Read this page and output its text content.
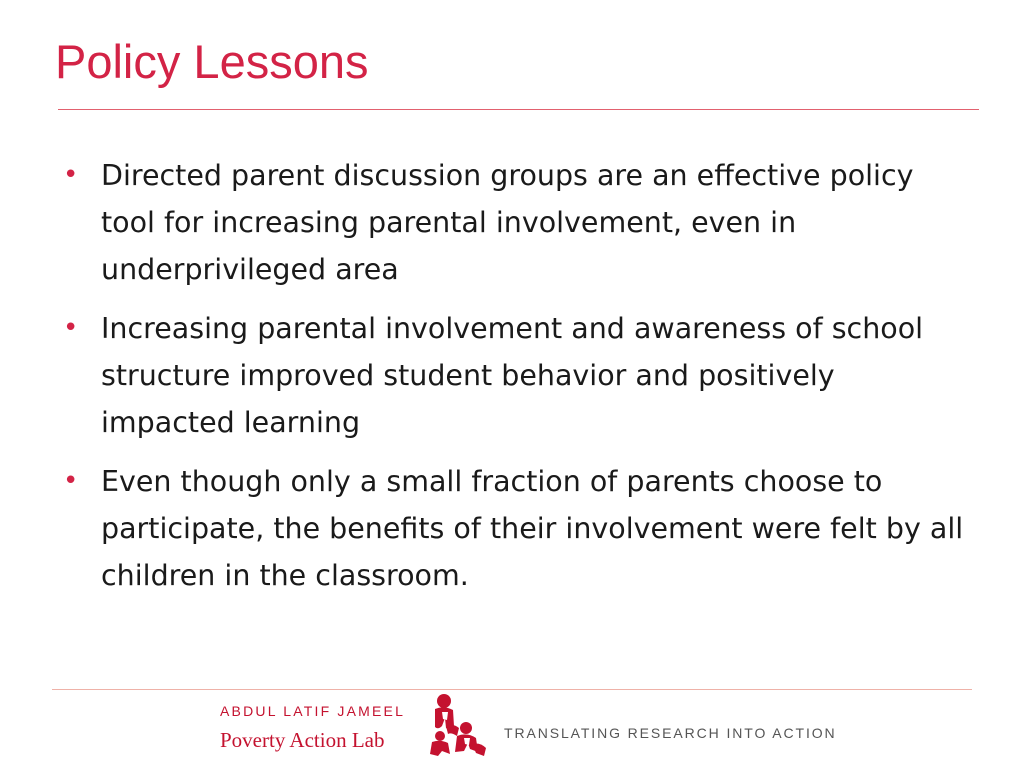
Policy Lessons
• Directed parent discussion groups are an effective policy tool for increasing parental involvement, even in underprivileged area
• Increasing parental involvement and awareness of school structure improved student behavior and positively impacted learning
• Even though only a small fraction of parents choose to participate, the benefits of their involvement were felt by all children in the classroom.
ABDUL LATIF JAMEEL
Poverty Action Lab	TRANSLATING RESEARCH INTO ACTION
